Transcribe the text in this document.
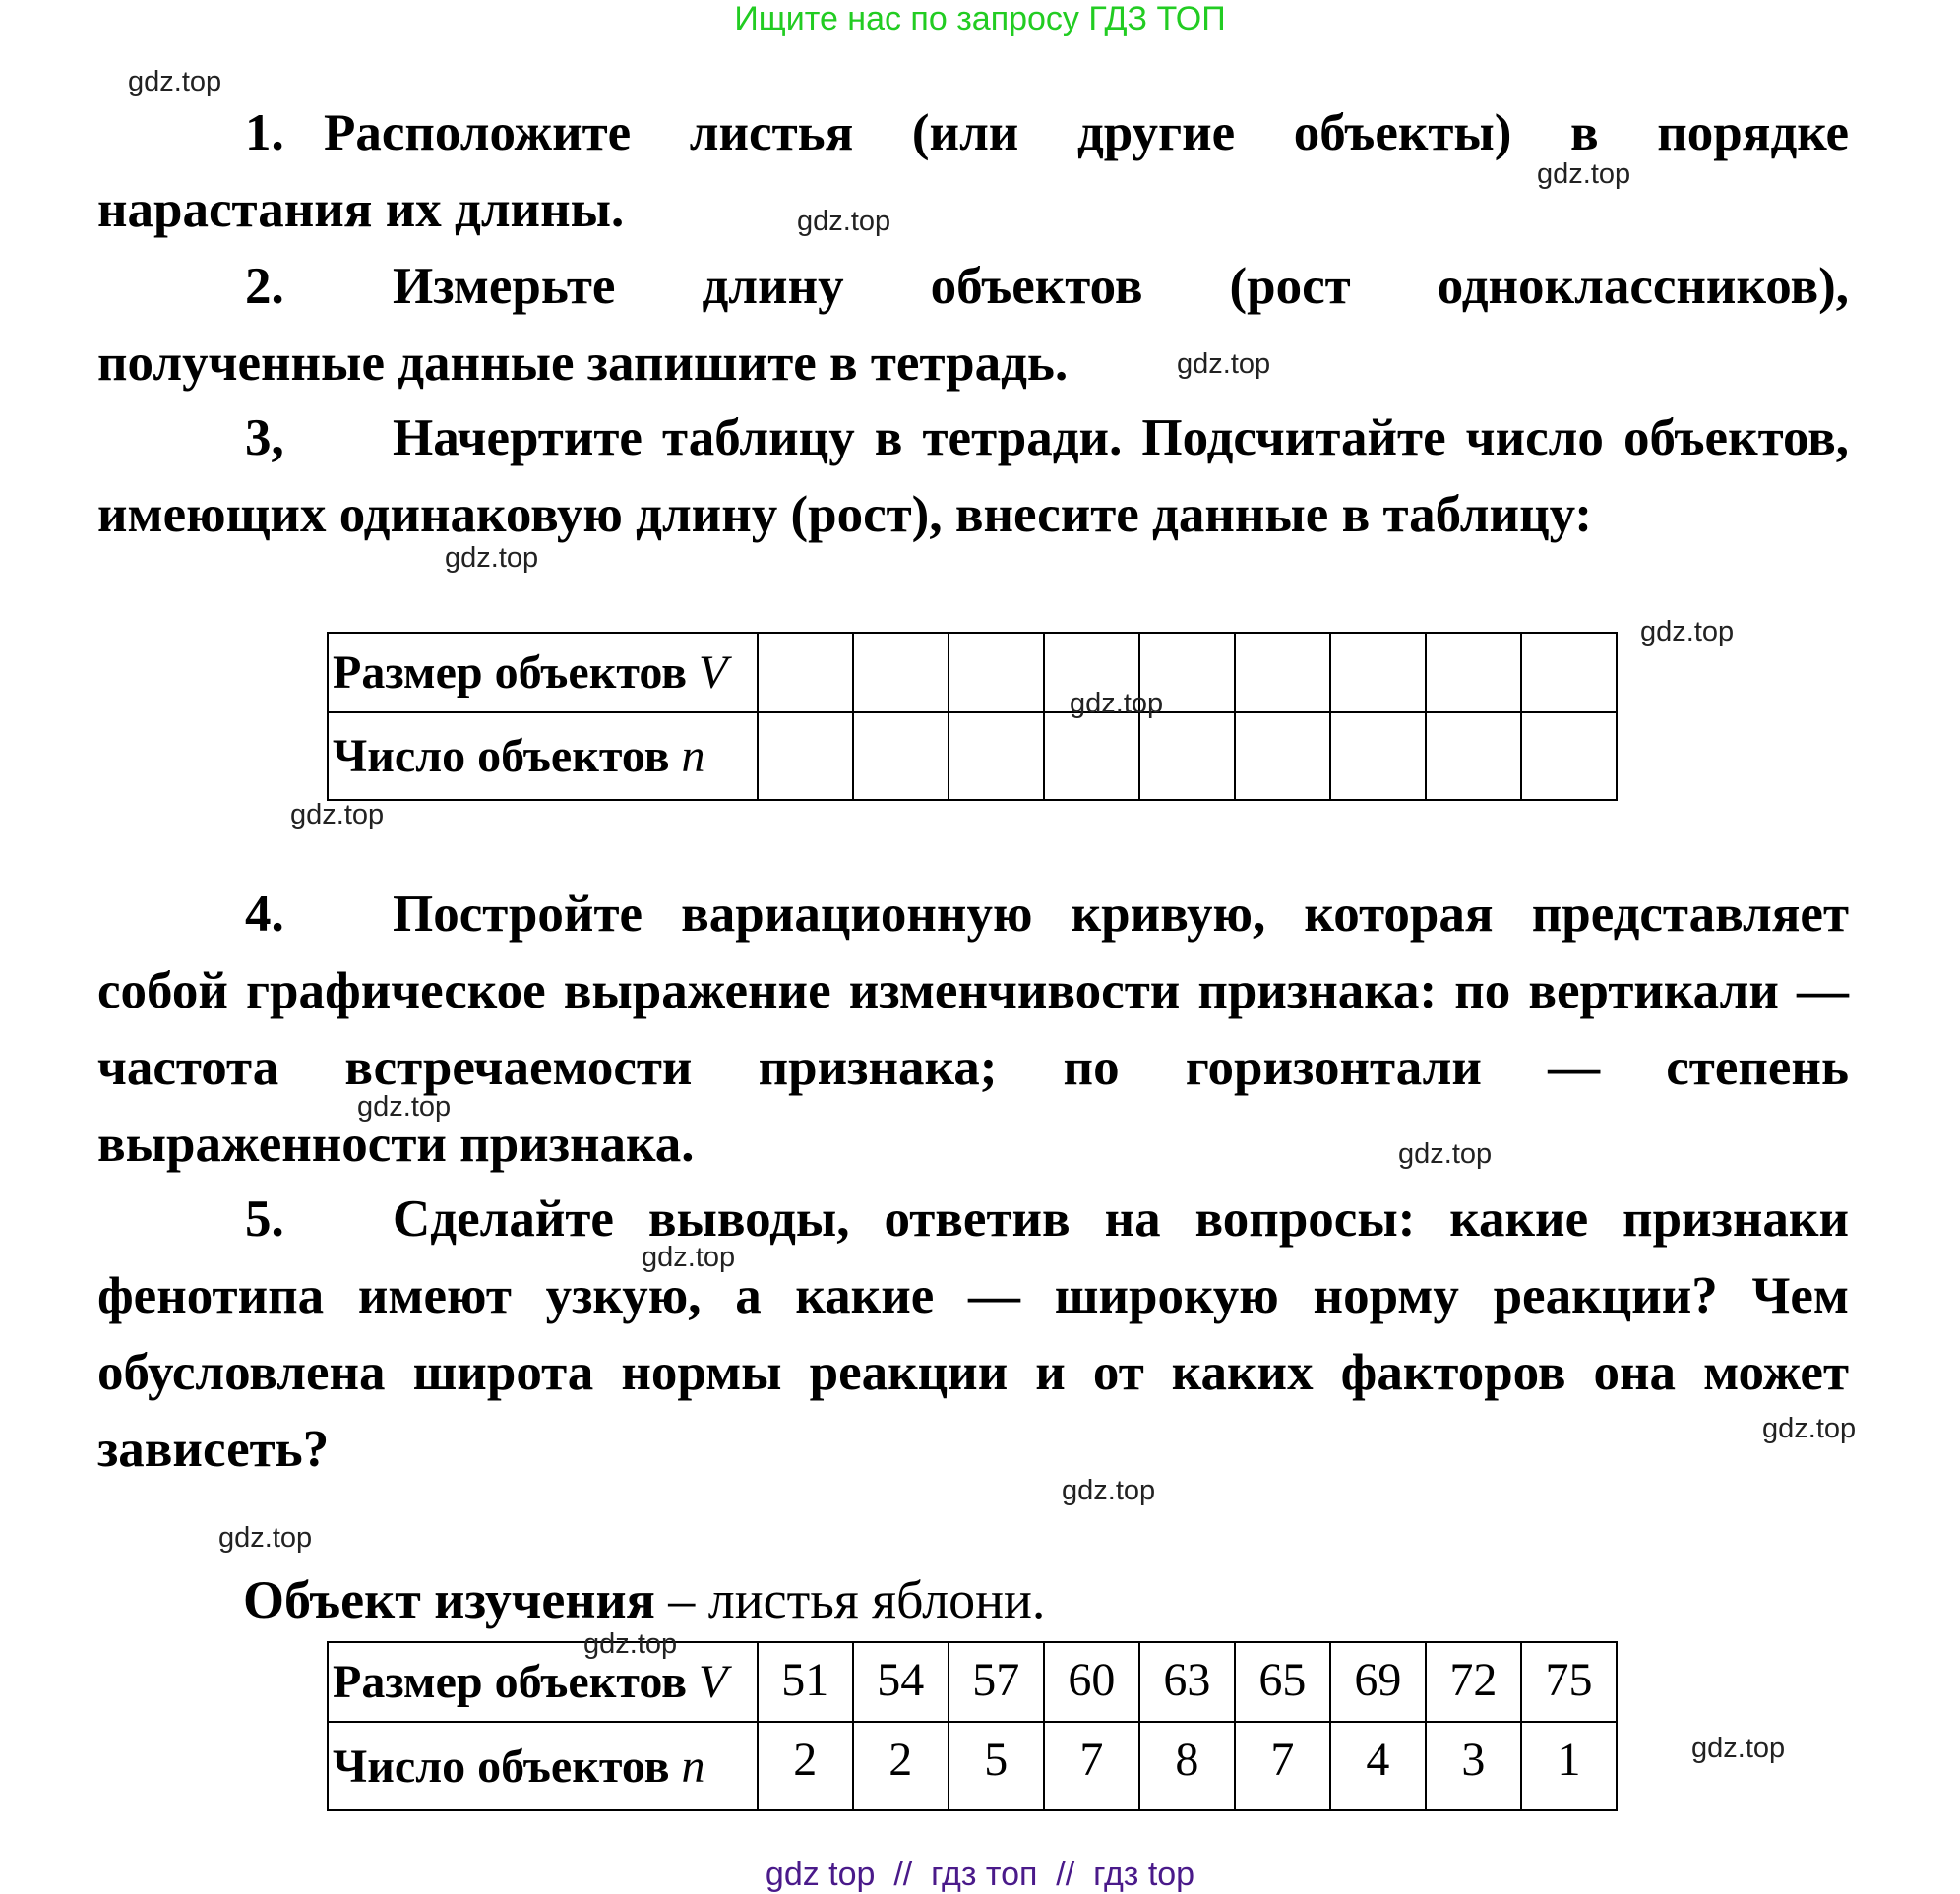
Ищите нас по запросу ГДЗ ТОП
gdz.top
gdz.top
gdz.top
gdz.top
gdz.top
gdz.top
gdz.top
gdz.top
gdz.top
gdz.top
gdz.top
gdz.top
gdz.top
gdz.top
gdz.top
gdz.top
1. Расположите листья (или другие объекты) в порядке нарастания их длины.
2. Измерьте длину объектов (рост одноклассников), полученные данные запишите в тетрадь.
3, Начертите таблицу в тетради. Подсчитайте число объектов, имеющих одинаковую длину (рост), внесите данные в таблицу:
Размер объектов V									
Число объектов n									
4. Постройте вариационную кривую, которая представляет собой графическое выражение изменчивости признака: по вертикали — частота встречаемости признака; по горизонтали — степень выраженности признака.
5. Сделайте выводы, ответив на вопросы: какие признаки фенотипа имеют узкую, а какие — широкую норму реакции? Чем обусловлена широта нормы реакции и от каких факторов она может зависеть?
Объект изучения – листья яблони.
Размер объектов V	51	54	57	60	63	65	69	72	75
Число объектов n	2	2	5	7	8	7	4	3	1
gdz top  //  гдз топ  //  гдз top
